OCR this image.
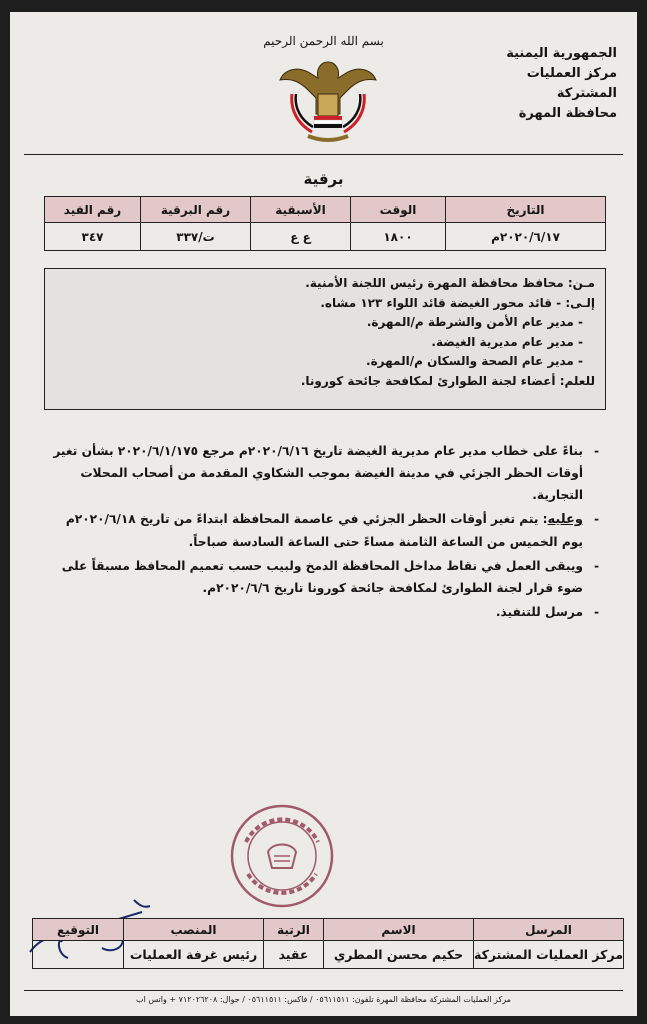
بسم الله الرحمن الرحيم
الجمهورية اليمنية
مركز العمليات المشتركة
محافظة المهرة
برقية
التاريخ	الوقت	الأسبقية	رقم البرقية	رقم القيد
٢٠٢٠/٦/١٧م	١٨٠٠	ع ع	ت/٣٣٧	٣٤٧
مـن: محافظ محافظة المهرة رئيس اللجنة الأمنية.
إلـى: - قائد محور الغيضة قائد اللواء ١٢٣ مشاه.
- مدير عام الأمن والشرطة م/المهرة.
- مدير عام مديرية الغيضة.
- مدير عام الصحة والسكان م/المهرة.
للعلم: أعضاء لجنة الطوارئ لمكافحة جائحة كورونا.
-
بناءً على خطاب مدير عام مديرية الغيضة تاريخ ٢٠٢٠/٦/١٦م مرجع ٢٠٢٠/٦/١/١٧٥ بشأن تغير أوقات الحظر الجزئي في مدينة الغيضة بموجب الشكاوي المقدمة من أصحاب المحلات التجارية.
-
وعليه: يتم تغير أوقات الحظر الجزئي في عاصمة المحافظة ابتداءً من تاريخ ٢٠٢٠/٦/١٨م يوم الخميس من الساعة الثامنة مساءً حتى الساعة السادسة صباحاً.
-
ويبقى العمل في نقاط مداخل المحافظة الدمخ ولبيب حسب تعميم المحافظ مسبقاً على ضوء قرار لجنة الطوارئ لمكافحة جائحة كورونا تاريخ ٢٠٢٠/٦/٦م.
-
مرسل للتنفيذ.
المرسل	الاسم	الرتبة	المنصب	التوقيع
مركز العمليات المشتركة	حكيم محسن المطري	عقيد	رئيس غرفة العمليات	
مركز العمليات المشتركة محافظة المهرة تلفون: ٠٥٦١١٥١١ / فاكس: ٠٥٦١١٥١١ / جوال: ٧١٢٠٢٦٢٠٨ + واتس اب
